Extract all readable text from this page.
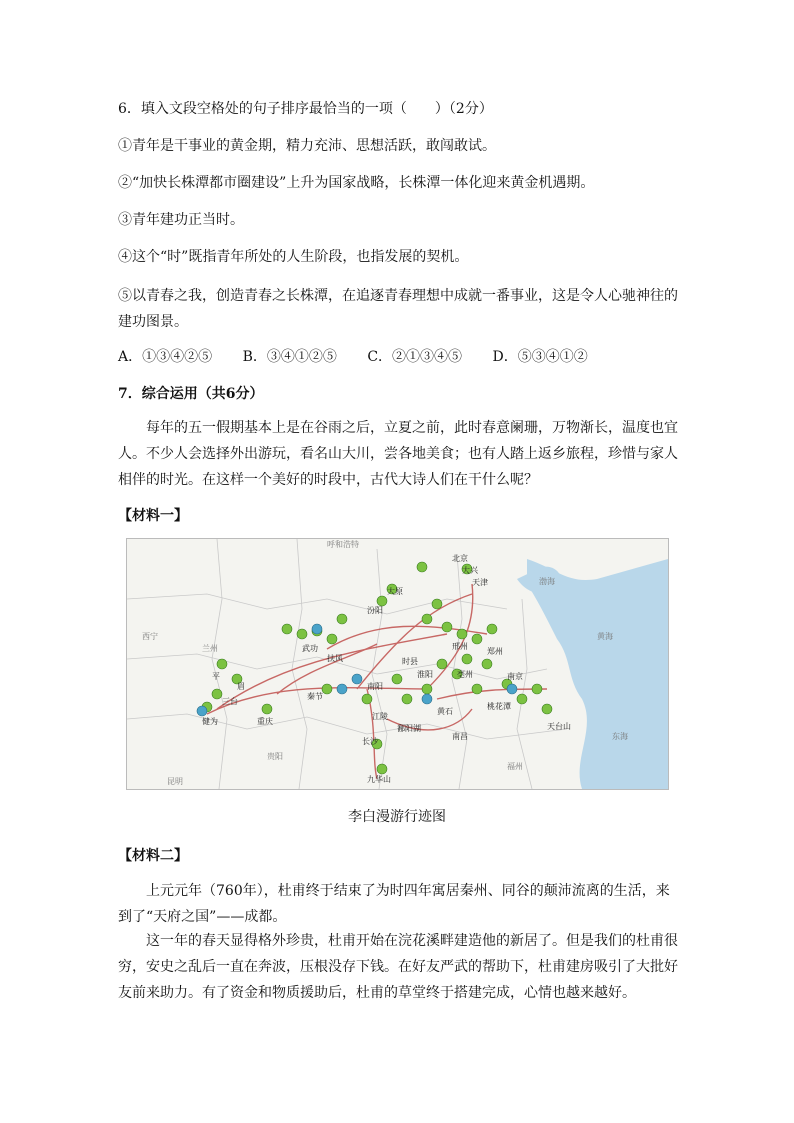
6．填入文段空格处的句子排序最恰当的一项（　　）（2分）
①青年是干事业的黄金期，精力充沛、思想活跃，敢闯敢试。
②“加快长株潭都市圈建设”上升为国家战略，长株潭一体化迎来黄金机遇期。
③青年建功正当时。
④这个“时”既指青年所处的人生阶段，也指发展的契机。
⑤以青春之我，创造青春之长株潭，在追逐青春理想中成就一番事业，这是令人心驰神往的建功图景。
A．①③④②⑤ B．③④①②⑤ C．②①③④⑤ D．⑤③④①②
7．综合运用（共6分）
每年的五一假期基本上是在谷雨之后，立夏之前，此时春意阑珊，万物渐长，温度也宜人。不少人会选择外出游玩，看名山大川，尝各地美食；也有人踏上返乡旅程，珍惜与家人相伴的时光。在这样一个美好的时段中，古代大诗人们在干什么呢？
【材料一】
呼和浩特
北京
大兴
天津	渤海
大原
汾阳
西宁
兰州	武功
扶风
邢州
时县
淮阳	亳州
郑州
黄海
平
三台
健为
眉
重庆
秦节
南阳
江陵
鄱阳湖
黄石
长沙
九华山
东海
南昌
桃花潭
天台山
昆明
贵阳
福州
南京
李白漫游行迹图
【材料二】
上元元年（760年），杜甫终于结束了为时四年寓居秦州、同谷的颠沛流离的生活，来到了“天府之国”——成都。
这一年的春天显得格外珍贵，杜甫开始在浣花溪畔建造他的新居了。但是我们的杜甫很穷，安史之乱后一直在奔波，压根没存下钱。在好友严武的帮助下，杜甫建房吸引了大批好友前来助力。有了资金和物质援助后，杜甫的草堂终于搭建完成，心情也越来越好。
